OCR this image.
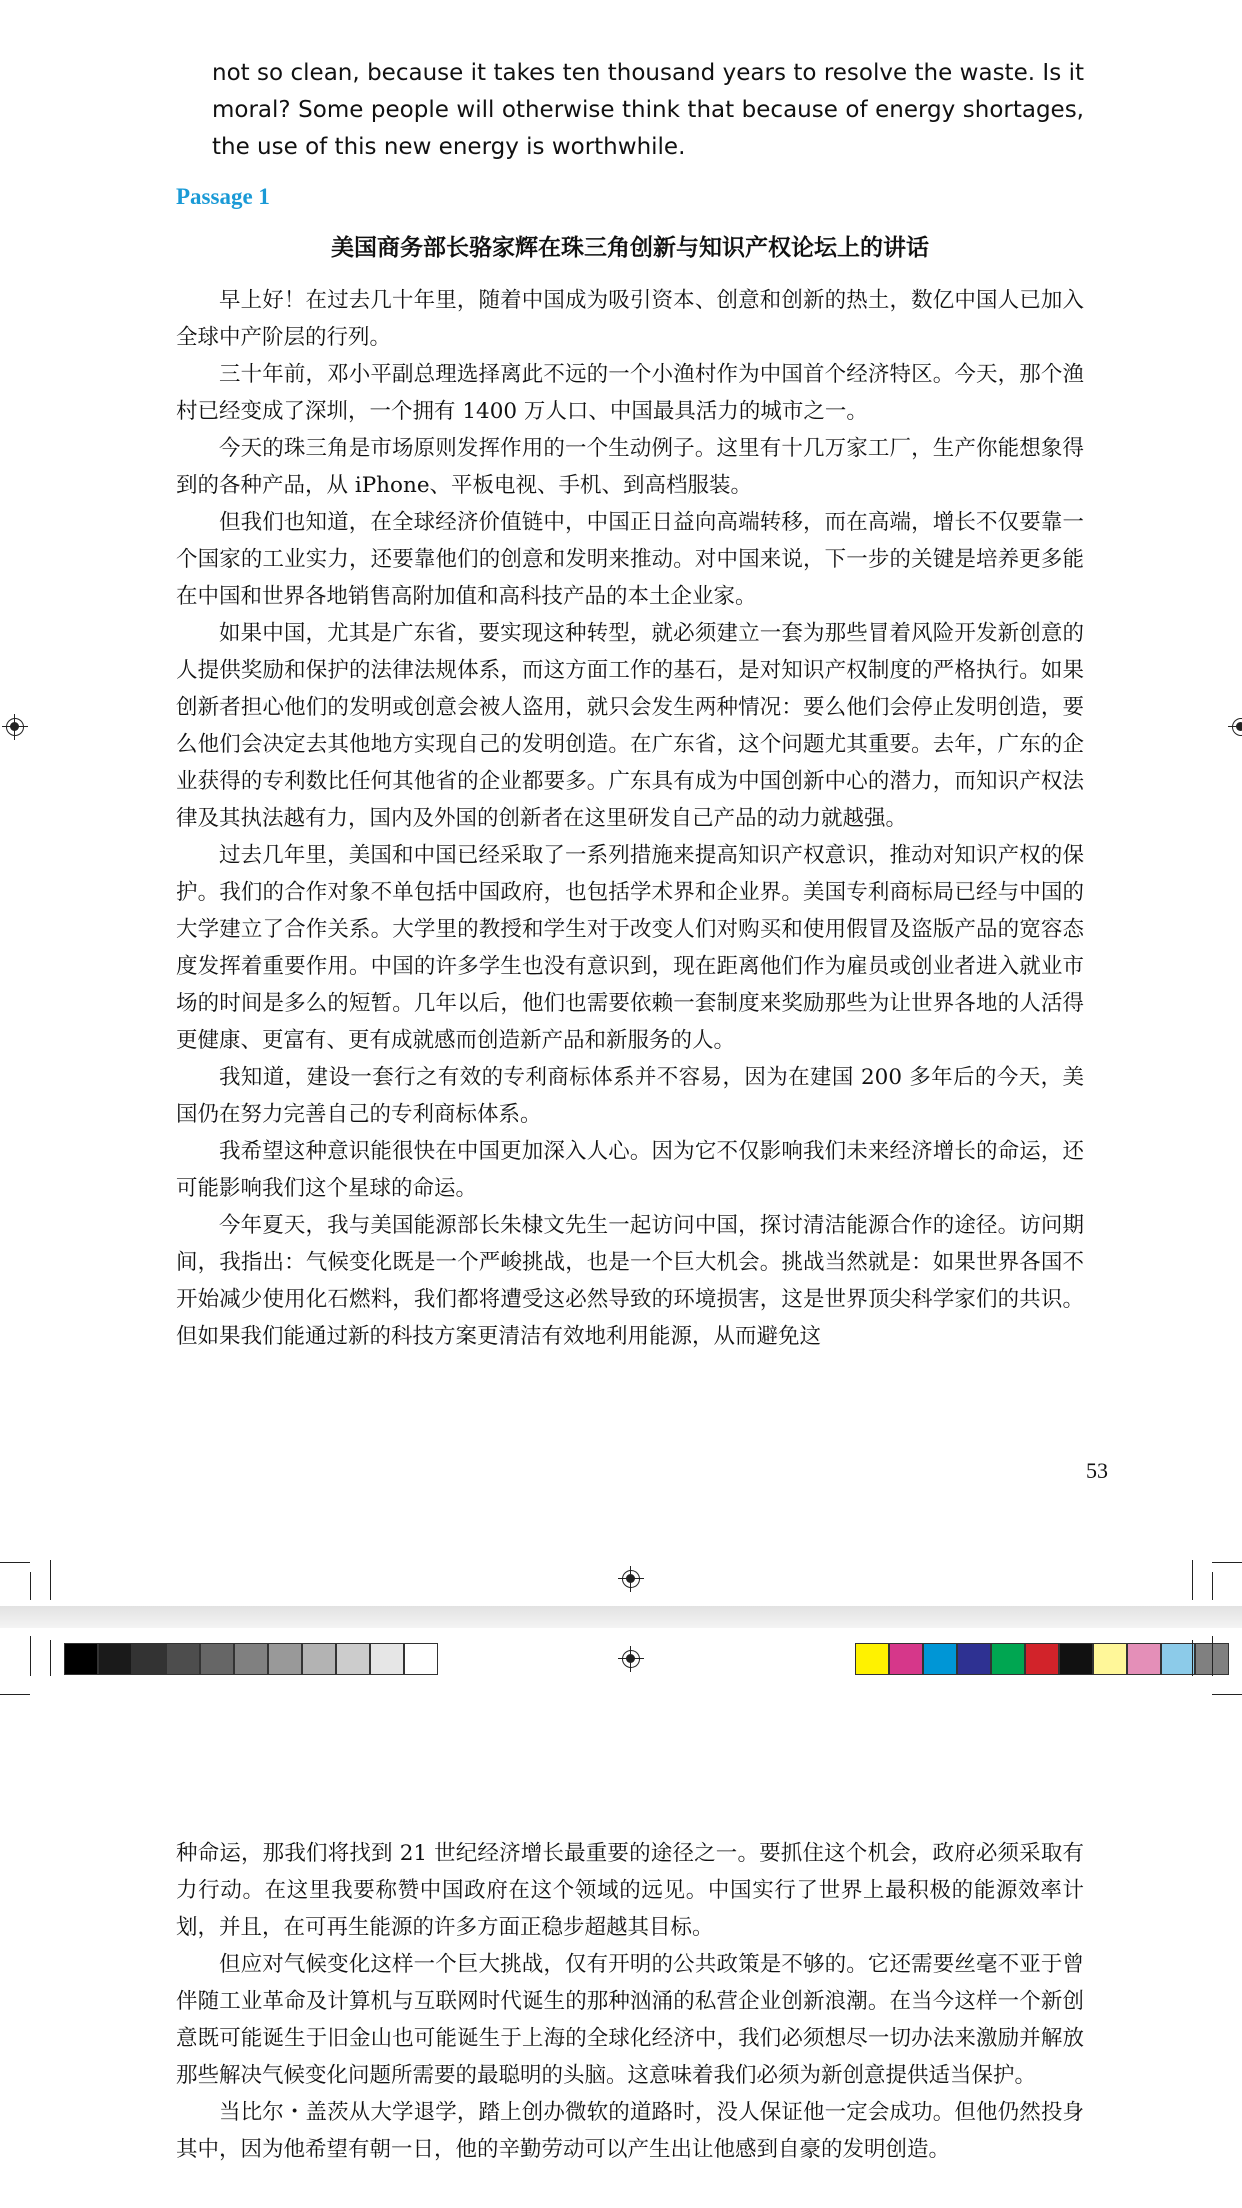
not so clean, because it takes ten thousand years to resolve the waste. Is it moral? Some people will otherwise think that because of energy shortages, the use of this new energy is worthwhile.

Passage 1
美国商务部长骆家辉在珠三角创新与知识产权论坛上的讲话

早上好！在过去几十年里，随着中国成为吸引资本、创意和创新的热土，数亿中国人已加入全球中产阶层的行列。

三十年前，邓小平副总理选择离此不远的一个小渔村作为中国首个经济特区。今天，那个渔村已经变成了深圳，一个拥有 1400 万人口、中国最具活力的城市之一。

今天的珠三角是市场原则发挥作用的一个生动例子。这里有十几万家工厂，生产你能想象得到的各种产品，从 iPhone、平板电视、手机、到高档服装。

但我们也知道，在全球经济价值链中，中国正日益向高端转移，而在高端，增长不仅要靠一个国家的工业实力，还要靠他们的创意和发明来推动。对中国来说，下一步的关键是培养更多能在中国和世界各地销售高附加值和高科技产品的本土企业家。

如果中国，尤其是广东省，要实现这种转型，就必须建立一套为那些冒着风险开发新创意的人提供奖励和保护的法律法规体系，而这方面工作的基石，是对知识产权制度的严格执行。如果创新者担心他们的发明或创意会被人盗用，就只会发生两种情况：要么他们会停止发明创造，要么他们会决定去其他地方实现自己的发明创造。在广东省，这个问题尤其重要。去年，广东的企业获得的专利数比任何其他省的企业都要多。广东具有成为中国创新中心的潜力，而知识产权法律及其执法越有力，国内及外国的创新者在这里研发自己产品的动力就越强。

过去几年里，美国和中国已经采取了一系列措施来提高知识产权意识，推动对知识产权的保护。我们的合作对象不单包括中国政府，也包括学术界和企业界。美国专利商标局已经与中国的大学建立了合作关系。大学里的教授和学生对于改变人们对购买和使用假冒及盗版产品的宽容态度发挥着重要作用。中国的许多学生也没有意识到，现在距离他们作为雇员或创业者进入就业市场的时间是多么的短暂。几年以后，他们也需要依赖一套制度来奖励那些为让世界各地的人活得更健康、更富有、更有成就感而创造新产品和新服务的人。

我知道，建设一套行之有效的专利商标体系并不容易，因为在建国 200 多年后的今天，美国仍在努力完善自己的专利商标体系。

我希望这种意识能很快在中国更加深入人心。因为它不仅影响我们未来经济增长的命运，还可能影响我们这个星球的命运。

今年夏天，我与美国能源部长朱棣文先生一起访问中国，探讨清洁能源合作的途径。访问期间，我指出：气候变化既是一个严峻挑战，也是一个巨大机会。挑战当然就是：如果世界各国不开始减少使用化石燃料，我们都将遭受这必然导致的环境损害，这是世界顶尖科学家们的共识。但如果我们能通过新的科技方案更清洁有效地利用能源，从而避免这

53

种命运，那我们将找到 21 世纪经济增长最重要的途径之一。要抓住这个机会，政府必须采取有力行动。在这里我要称赞中国政府在这个领域的远见。中国实行了世界上最积极的能源效率计划，并且，在可再生能源的许多方面正稳步超越其目标。

但应对气候变化这样一个巨大挑战，仅有开明的公共政策是不够的。它还需要丝毫不亚于曾伴随工业革命及计算机与互联网时代诞生的那种汹涌的私营企业创新浪潮。在当今这样一个新创意既可能诞生于旧金山也可能诞生于上海的全球化经济中，我们必须想尽一切办法来激励并解放那些解决气候变化问题所需要的最聪明的头脑。这意味着我们必须为新创意提供适当保护。

当比尔・盖茨从大学退学，踏上创办微软的道路时，没人保证他一定会成功。但他仍然投身其中，因为他希望有朝一日，他的辛勤劳动可以产生出让他感到自豪的发明创造。
